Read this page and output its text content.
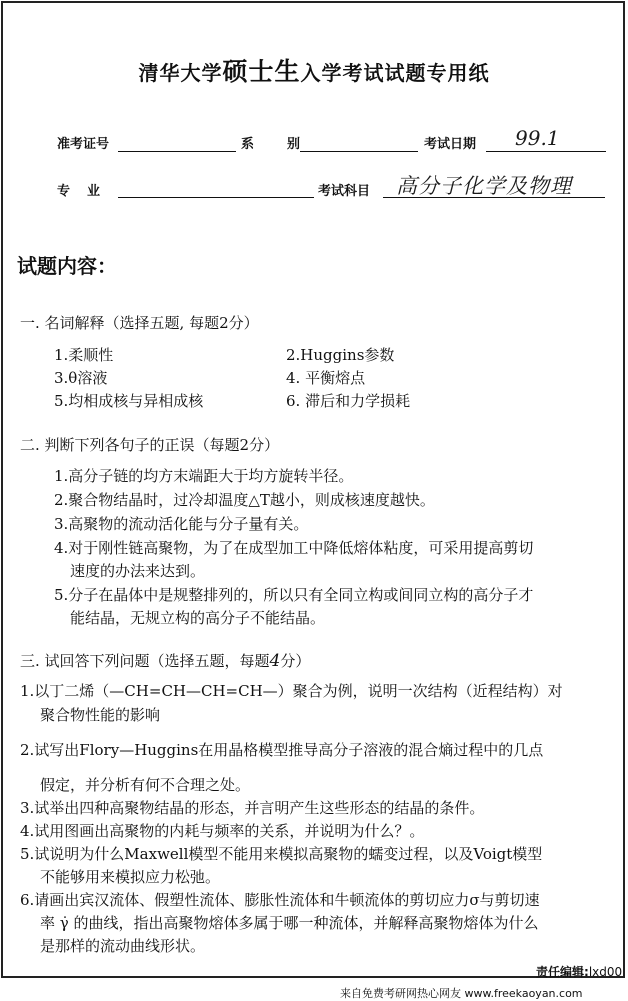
清华大学硕士生入学考试试题专用纸
准考证号	系	别	考试日期 99.1
专　业	考试科目 高分子化学及物理
试题内容：
一. 名词解释（选择五题, 每题2分）
1.柔顺性	2.Huggins参数
3.θ溶液	4. 平衡熔点
5.均相成核与异相成核	6. 滞后和力学损耗
二. 判断下列各句子的正误（每题2分）
1.高分子链的均方末端距大于均方旋转半径。
2.聚合物结晶时，过冷却温度△T越小，则成核速度越快。
3.高聚物的流动活化能与分子量有关。
4.对于刚性链高聚物，为了在成型加工中降低熔体粘度，可采用提高剪切
速度的办法来达到。
5.分子在晶体中是规整排列的，所以只有全同立构或间同立构的高分子才
能结晶，无规立构的高分子不能结晶。
三. 试回答下列问题（选择五题，每题4分）
1.以丁二烯（—CH=CH—CH=CH—）聚合为例，说明一次结构（近程结构）对
聚合物性能的影响
2.试写出Flory—Huggins在用晶格模型推导高分子溶液的混合熵过程中的几点
假定，并分析有何不合理之处。
3.试举出四种高聚物结晶的形态，并言明产生这些形态的结晶的条件。
4.试用图画出高聚物的内耗与频率的关系，并说明为什么？。
5.试说明为什么Maxwell模型不能用来模拟高聚物的蠕变过程，以及Voigt模型
不能够用来模拟应力松弛。
6.请画出宾汉流体、假塑性流体、膨胀性流体和牛顿流体的剪切应力σ与剪切速
率 γ̇ 的曲线，指出高聚物熔体多属于哪一种流体，并解释高聚物熔体为什么
是那样的流动曲线形状。
责任编辑:lxd00
来自免费考研网热心网友 www.freekaoyan.com
